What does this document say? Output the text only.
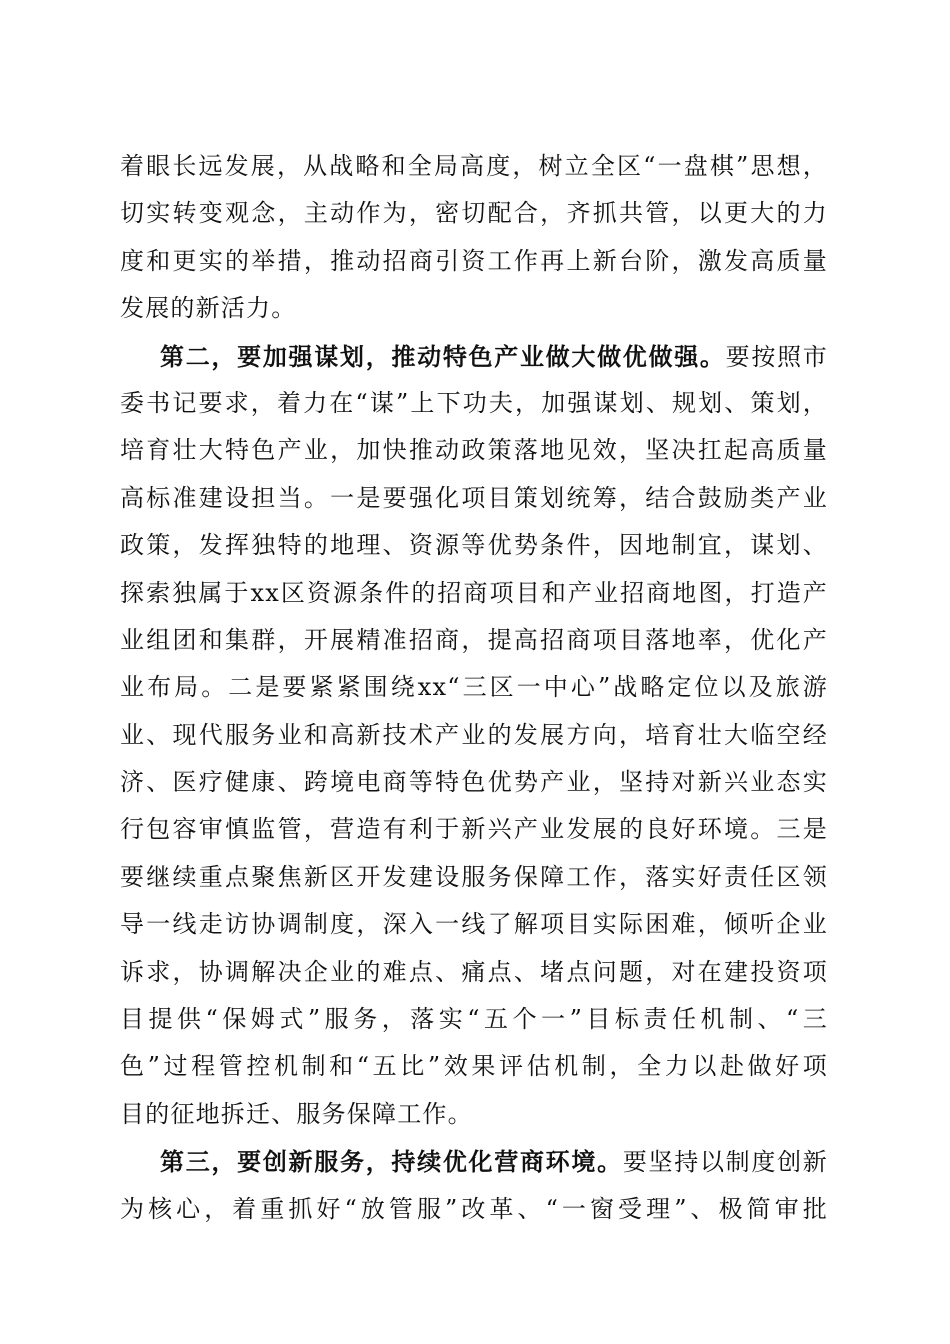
着眼长远发展，从战略和全局高度，树立全区“一盘棋”思想，
切实转变观念，主动作为，密切配合，齐抓共管，以更大的力
度和更实的举措，推动招商引资工作再上新台阶，激发高质量
发展的新活力。
第二，要加强谋划，推动特色产业做大做优做强。要按照市
委书记要求，着力在“谋”上下功夫，加强谋划、规划、策划，
培育壮大特色产业，加快推动政策落地见效，坚决扛起高质量
高标准建设担当。一是要强化项目策划统筹，结合鼓励类产业
政策，发挥独特的地理、资源等优势条件，因地制宜，谋划、
探索独属于xx区资源条件的招商项目和产业招商地图，打造产
业组团和集群，开展精准招商，提高招商项目落地率，优化产
业布局。二是要紧紧围绕xx“三区一中心”战略定位以及旅游
业、现代服务业和高新技术产业的发展方向，培育壮大临空经
济、医疗健康、跨境电商等特色优势产业，坚持对新兴业态实
行包容审慎监管，营造有利于新兴产业发展的良好环境。三是
要继续重点聚焦新区开发建设服务保障工作，落实好责任区领
导一线走访协调制度，深入一线了解项目实际困难，倾听企业
诉求，协调解决企业的难点、痛点、堵点问题，对在建投资项
目提供“保姆式”服务，落实“五个一”目标责任机制、“三
色”过程管控机制和“五比”效果评估机制，全力以赴做好项
目的征地拆迁、服务保障工作。
第三，要创新服务，持续优化营商环境。要坚持以制度创新
为核心，着重抓好“放管服”改革、“一窗受理”、极简审批
